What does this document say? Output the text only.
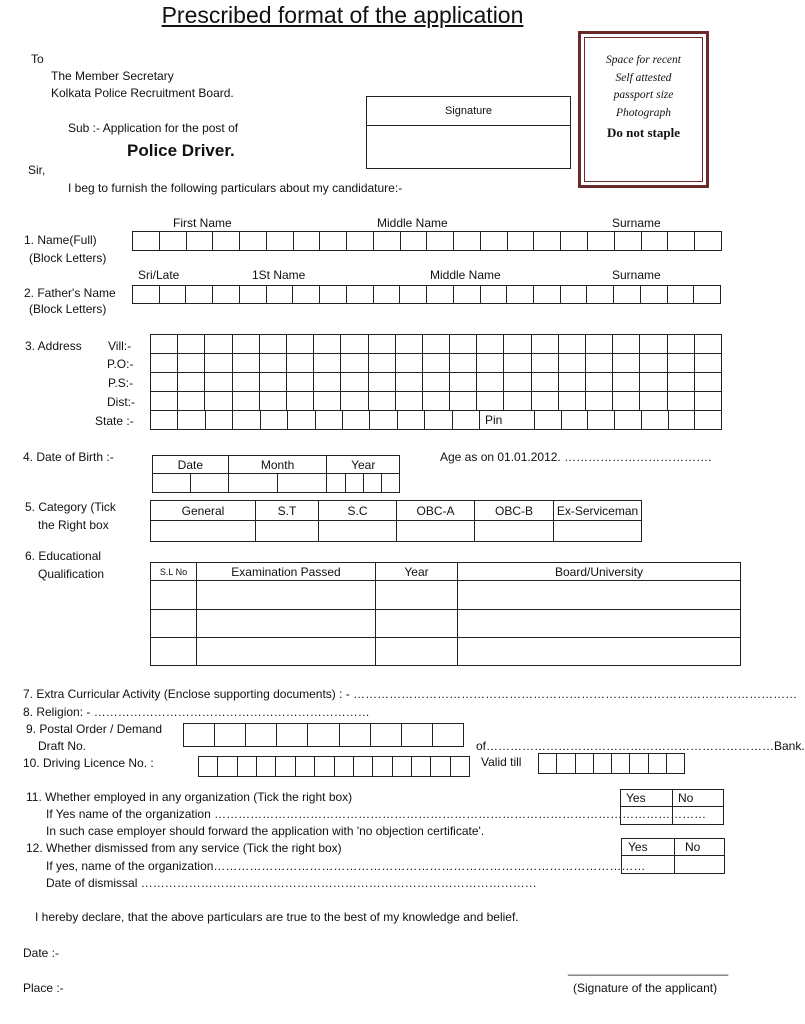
Prescribed format of the application
To
The Member Secretary
Kolkata Police Recruitment Board.
Sub :- Application for the post of
Police Driver.
Sir,
I beg to furnish the following particulars about my candidature:-
Signature
Space for recent
Self attested
passport size
Photograph
Do not staple
First Name	Middle Name	Surname
1. Name(Full)
(Block Letters)
Sri/Late	1St Name	Middle Name	Surname
2. Father's Name
(Block Letters)
3. Address Vill:-
P.O:-
P.S:-
Dist:-
State :-	Pin
4. Date of Birth :-
Date		Month		Year			

Age as on 01.01.2012. ……………………………….
5. Category (Tick
the Right box
General	S.T	S.C	OBC-A	OBC-B	Ex-Serviceman

6. Educational
Qualification	S.L No	Examination Passed	Year	Board/University

7. Extra Curricular Activity (Enclose supporting documents) : - …………………………………………………………………………………………………
8. Religion: - ……………………………………………………………
9. Postal Order / Demand
Draft No.	of………………………………………………………………Bank.
10. Driving Licence No. :	Valid till
11. Whether employed in any organization (Tick the right box)
If Yes name of the organization ……………………………………………………………………………………………………………
In such case employer should forward the application with 'no objection certificate'.
Yes	No

12. Whether dismissed from any service (Tick the right box)
If yes, name of the organization………………………………………………………………………………………………
Date of dismissal ………………………………………………………………………………………
Yes	No

I hereby declare, that the above particulars are true to the best of my knowledge and belief.
Date :-
Place :-
________________________
(Signature of the applicant)
